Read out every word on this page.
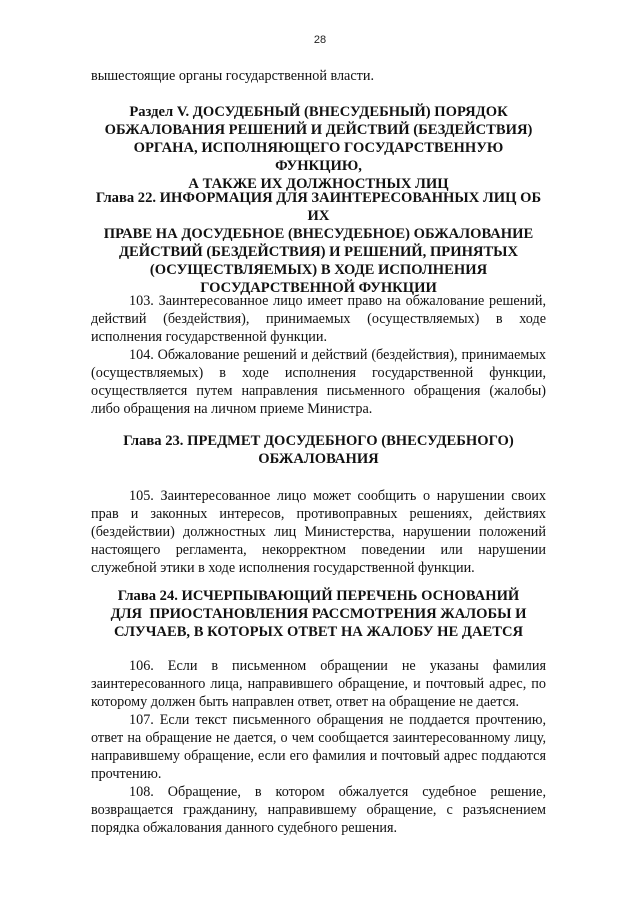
28

вышестоящие органы государственной власти.

Раздел V. ДОСУДЕБНЫЙ (ВНЕСУДЕБНЫЙ) ПОРЯДОК
ОБЖАЛОВАНИЯ РЕШЕНИЙ И ДЕЙСТВИЙ (БЕЗДЕЙСТВИЯ)
ОРГАНА, ИСПОЛНЯЮЩЕГО ГОСУДАРСТВЕННУЮ ФУНКЦИЮ,
А ТАКЖЕ ИХ ДОЛЖНОСТНЫХ ЛИЦ

Глава 22. ИНФОРМАЦИЯ ДЛЯ ЗАИНТЕРЕСОВАННЫХ ЛИЦ ОБ ИХ
ПРАВЕ НА ДОСУДЕБНОЕ (ВНЕСУДЕБНОЕ) ОБЖАЛОВАНИЕ
ДЕЙСТВИЙ (БЕЗДЕЙСТВИЯ) И РЕШЕНИЙ, ПРИНЯТЫХ
(ОСУЩЕСТВЛЯЕМЫХ) В ХОДЕ ИСПОЛНЕНИЯ
ГОСУДАРСТВЕННОЙ ФУНКЦИИ

103. Заинтересованное лицо имеет право на обжалование решений, действий (бездействия), принимаемых (осуществляемых) в ходе исполнения государственной функции.

104. Обжалование решений и действий (бездействия), принимаемых (осуществляемых) в ходе исполнения государственной функции, осуществляется путем направления письменного обращения (жалобы) либо обращения на личном приеме Министра.

Глава 23. ПРЕДМЕТ ДОСУДЕБНОГО (ВНЕСУДЕБНОГО)
ОБЖАЛОВАНИЯ

105. Заинтересованное лицо может сообщить о нарушении своих прав и законных интересов, противоправных решениях, действиях (бездействии) должностных лиц Министерства, нарушении положений настоящего регламента, некорректном поведении или нарушении служебной этики в ходе исполнения государственной функции.

Глава 24. ИСЧЕРПЫВАЮЩИЙ ПЕРЕЧЕНЬ ОСНОВАНИЙ
ДЛЯ  ПРИОСТАНОВЛЕНИЯ РАССМОТРЕНИЯ ЖАЛОБЫ И
СЛУЧАЕВ, В КОТОРЫХ ОТВЕТ НА ЖАЛОБУ НЕ ДАЕТСЯ

106. Если в письменном обращении не указаны фамилия заинтересованного лица, направившего обращение, и почтовый адрес, по которому должен быть направлен ответ, ответ на обращение не дается.

107. Если текст письменного обращения не поддается прочтению, ответ на обращение не дается, о чем сообщается заинтересованному лицу, направившему обращение, если его фамилия и почтовый адрес поддаются прочтению.

108. Обращение, в котором обжалуется судебное решение, возвращается гражданину, направившему обращение, с разъяснением порядка обжалования данного судебного решения.
